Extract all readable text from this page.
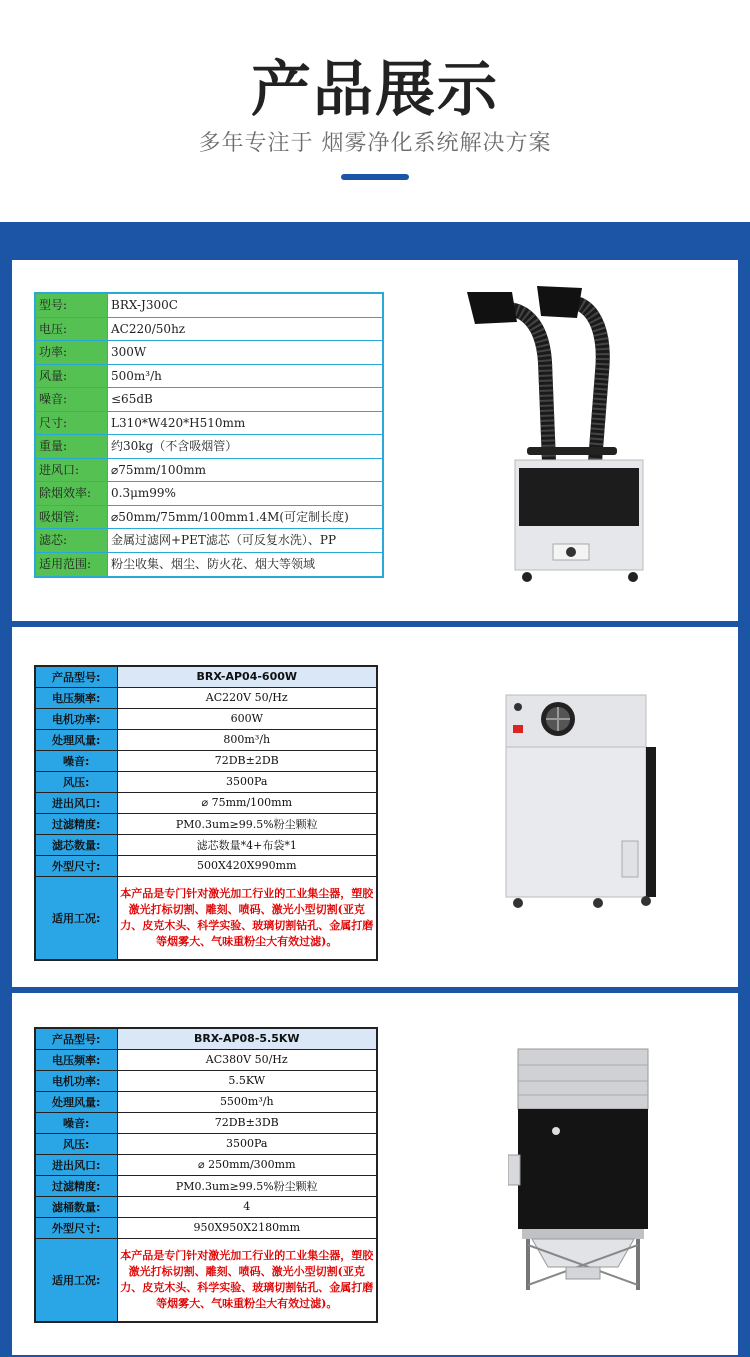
产品展示
多年专注于 烟雾净化系统解决方案
型号:	BRX-J300C
电压:	AC220/50hz
功率:	300W
风量:	500m³/h
噪音:	≤65dB
尺寸:	L310*W420*H510mm
重量:	约30kg（不含吸烟管）
进风口:	⌀75mm/100mm
除烟效率:	0.3μm99%
吸烟管:	⌀50mm/75mm/100mm1.4M(可定制长度)
滤芯:	金属过滤网+PET滤芯（可反复水洗）、PP
适用范围:	粉尘收集、烟尘、防火花、烟大等领域
产品型号:	BRX-AP04-600W
电压频率:	AC220V 50/Hz
电机功率:	600W
处理风量:	800m³/h
噪音:	72DB±2DB
风压:	3500Pa
进出风口:	⌀ 75mm/100mm
过滤精度:	PM0.3um≥99.5%粉尘颗粒
滤芯数量:	滤芯数量*4+布袋*1
外型尺寸:	500X420X990mm
适用工况:	本产品是专门针对激光加工行业的工业集尘器，塑胶激光打标切割、雕刻、喷码、激光小型切割(亚克力、皮克木头、科学实验、玻璃切割钻孔、金属打磨等烟雾大、气味重粉尘大有效过滤)。
产品型号:	BRX-AP08-5.5KW
电压频率:	AC380V 50/Hz
电机功率:	5.5KW
处理风量:	5500m³/h
噪音:	72DB±3DB
风压:	3500Pa
进出风口:	⌀ 250mm/300mm
过滤精度:	PM0.3um≥99.5%粉尘颗粒
滤桶数量:	4
外型尺寸:	950X950X2180mm
适用工况:	本产品是专门针对激光加工行业的工业集尘器，塑胶激光打标切割、雕刻、喷码、激光小型切割(亚克力、皮克木头、科学实验、玻璃切割钻孔、金属打磨等烟雾大、气味重粉尘大有效过滤)。
